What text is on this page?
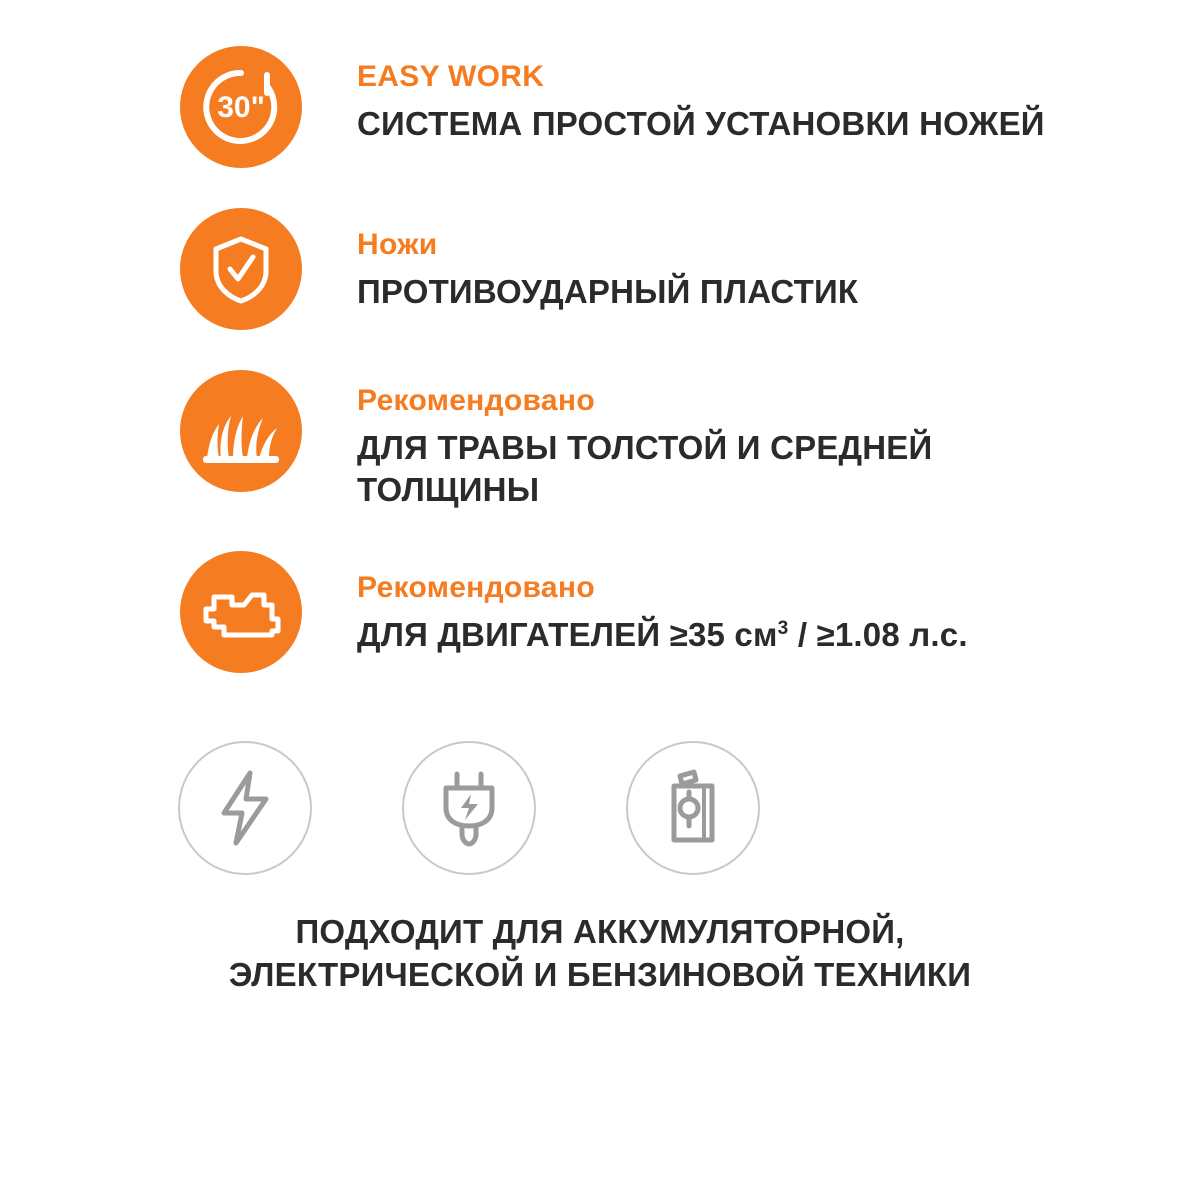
30"

EASY WORK

СИСТЕМА ПРОСТОЙ УСТАНОВКИ НОЖЕЙ

Ножи

ПРОТИВОУДАРНЫЙ ПЛАСТИК

Рекомендовано

ДЛЯ ТРАВЫ ТОЛСТОЙ И СРЕДНЕЙ ТОЛЩИНЫ

Рекомендовано

ДЛЯ ДВИГАТЕЛЕЙ ≥35 $см^3 / \ge 1.08$ л.с.

ПОДХОДИТ ДЛЯ АККУМУЛЯТОРНОЙ,
ЭЛЕКТРИЧЕСКОЙ И БЕНЗИНОВОЙ ТЕХНИКИ
